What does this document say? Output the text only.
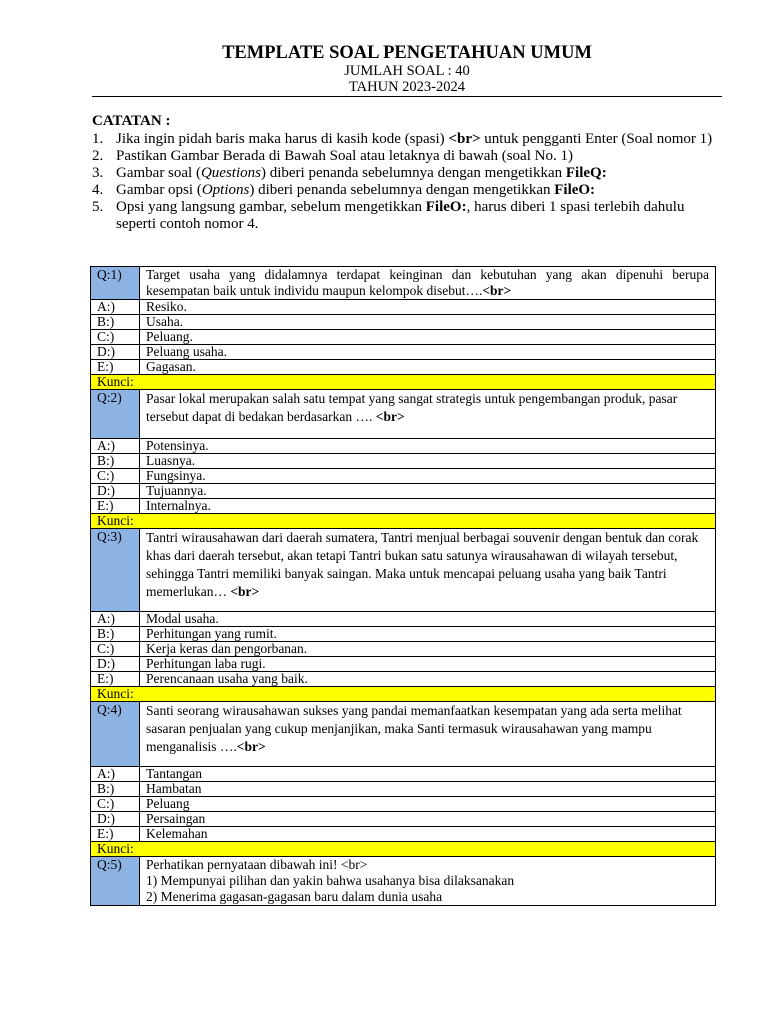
TEMPLATE SOAL PENGETAHUAN UMUM
JUMLAH SOAL : 40
TAHUN 2023-2024
CATATAN :
1. Jika ingin pidah baris maka harus di kasih kode (spasi) <br> untuk pengganti Enter (Soal nomor 1)
2. Pastikan Gambar Berada di Bawah Soal atau letaknya di bawah (soal No. 1)
3. Gambar soal (Questions) diberi penanda sebelumnya dengan mengetikkan FileQ:
4. Gambar opsi (Options) diberi penanda sebelumnya dengan mengetikkan FileO:
5. Opsi yang langsung gambar, sebelum mengetikkan FileO:, harus diberi 1 spasi terlebih dahulu seperti contoh nomor 4.
Q:1)	Target usaha yang didalamnya terdapat keinginan dan kebutuhan yang akan dipenuhi berupa kesempatan baik untuk individu maupun kelompok disebut….<br>
A:)	Resiko.
B:)	Usaha.
C:)	Peluang.
D:)	Peluang usaha.
E:)	Gagasan.
Kunci:	
Q:2)	Pasar lokal merupakan salah satu tempat yang sangat strategis untuk pengembangan produk, pasar tersebut dapat di bedakan berdasarkan …. <br>
A:)	Potensinya.
B:)	Luasnya.
C:)	Fungsinya.
D:)	Tujuannya.
E:)	Internalnya.
Kunci:	
Q:3)	Tantri wirausahawan dari daerah sumatera, Tantri menjual berbagai souvenir dengan bentuk dan corak khas dari daerah tersebut, akan tetapi Tantri bukan satu satunya wirausahawan di wilayah tersebut, sehingga Tantri memiliki banyak saingan. Maka untuk mencapai peluang usaha yang baik Tantri memerlukan… <br>
A:)	Modal usaha.
B:)	Perhitungan yang rumit.
C:)	Kerja keras dan pengorbanan.
D:)	Perhitungan laba rugi.
E:)	Perencanaan usaha yang baik.
Kunci:	
Q:4)	Santi seorang wirausahawan sukses yang pandai memanfaatkan kesempatan yang ada serta melihat sasaran penjualan yang cukup menjanjikan, maka Santi termasuk wirausahawan yang mampu menganalisis ….<br>
A:)	Tantangan
B:)	Hambatan
C:)	Peluang
D:)	Persaingan
E:)	Kelemahan
Kunci:	
Q:5)	Perhatikan pernyataan dibawah ini! <br>
1) Mempunyai pilihan dan yakin bahwa usahanya bisa dilaksanakan
2) Menerima gagasan-gagasan baru dalam dunia usaha
